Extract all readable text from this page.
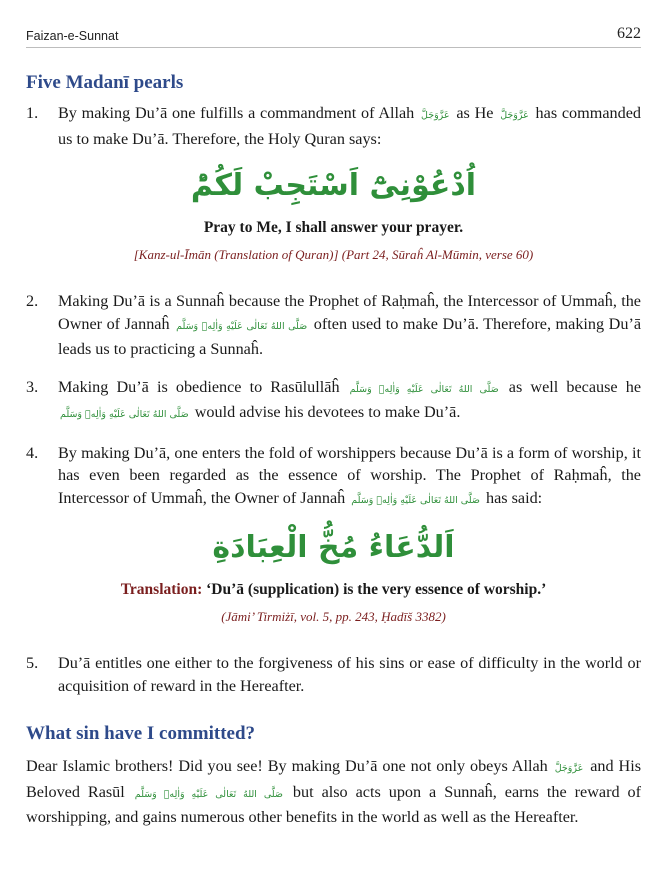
Faizan-e-Sunnat	622
Five Madanī pearls
1.	By making Du’ā one fulfills a commandment of Allah عَزَّوَجَلَّ as He عَزَّوَجَلَّ has commanded us to make Du’ā. Therefore, the Holy Quran says:
اُدْعُوْنِیْٓ اَسْتَجِبْ لَكُمْؕ
Pray to Me, I shall answer your prayer.
[Kanz-ul-Īmān (Translation of Quran)] (Part 24, Sūraĥ Al-Mūmin, verse 60)
2.	Making Du’ā is a Sunnaĥ because the Prophet of Raḥmaĥ, the Intercessor of Ummaĥ, the Owner of Jannaĥ صَلَّى اللهُ تَعَالٰى عَلَيْهِ وَاٰلِهٖ وَسَلَّم often used to make Du’ā. Therefore, making Du’ā leads us to practicing a Sunnaĥ.
3.	Making Du’ā is obedience to Rasūlullāĥ صَلَّى اللهُ تَعَالٰى عَلَيْهِ وَاٰلِهٖ وَسَلَّم as well because he صَلَّى اللهُ تَعَالٰى عَلَيْهِ وَاٰلِهٖ وَسَلَّم would advise his devotees to make Du’ā.
4.	By making Du’ā, one enters the fold of worshippers because Du’ā is a form of worship, it has even been regarded as the essence of worship. The Prophet of Raḥmaĥ, the Intercessor of Ummaĥ, the Owner of Jannaĥ صَلَّى اللهُ تَعَالٰى عَلَيْهِ وَاٰلِهٖ وَسَلَّم has said:
اَلدُّعَاءُ مُخُّ الْعِبَادَةِ
Translation: ‘Du’ā (supplication) is the very essence of worship.’
(Jāmi’ Tirmiżī, vol. 5, pp. 243, Ḥadīš 3382)
5.	Du’ā entitles one either to the forgiveness of his sins or ease of difficulty in the world or acquisition of reward in the Hereafter.
What sin have I committed?
Dear Islamic brothers! Did you see! By making Du’ā one not only obeys Allah عَزَّوَجَلَّ and His Beloved Rasūl صَلَّى اللهُ تَعَالٰى عَلَيْهِ وَاٰلِهٖ وَسَلَّم but also acts upon a Sunnaĥ, earns the reward of worshipping, and gains numerous other benefits in the world as well as the Hereafter.
